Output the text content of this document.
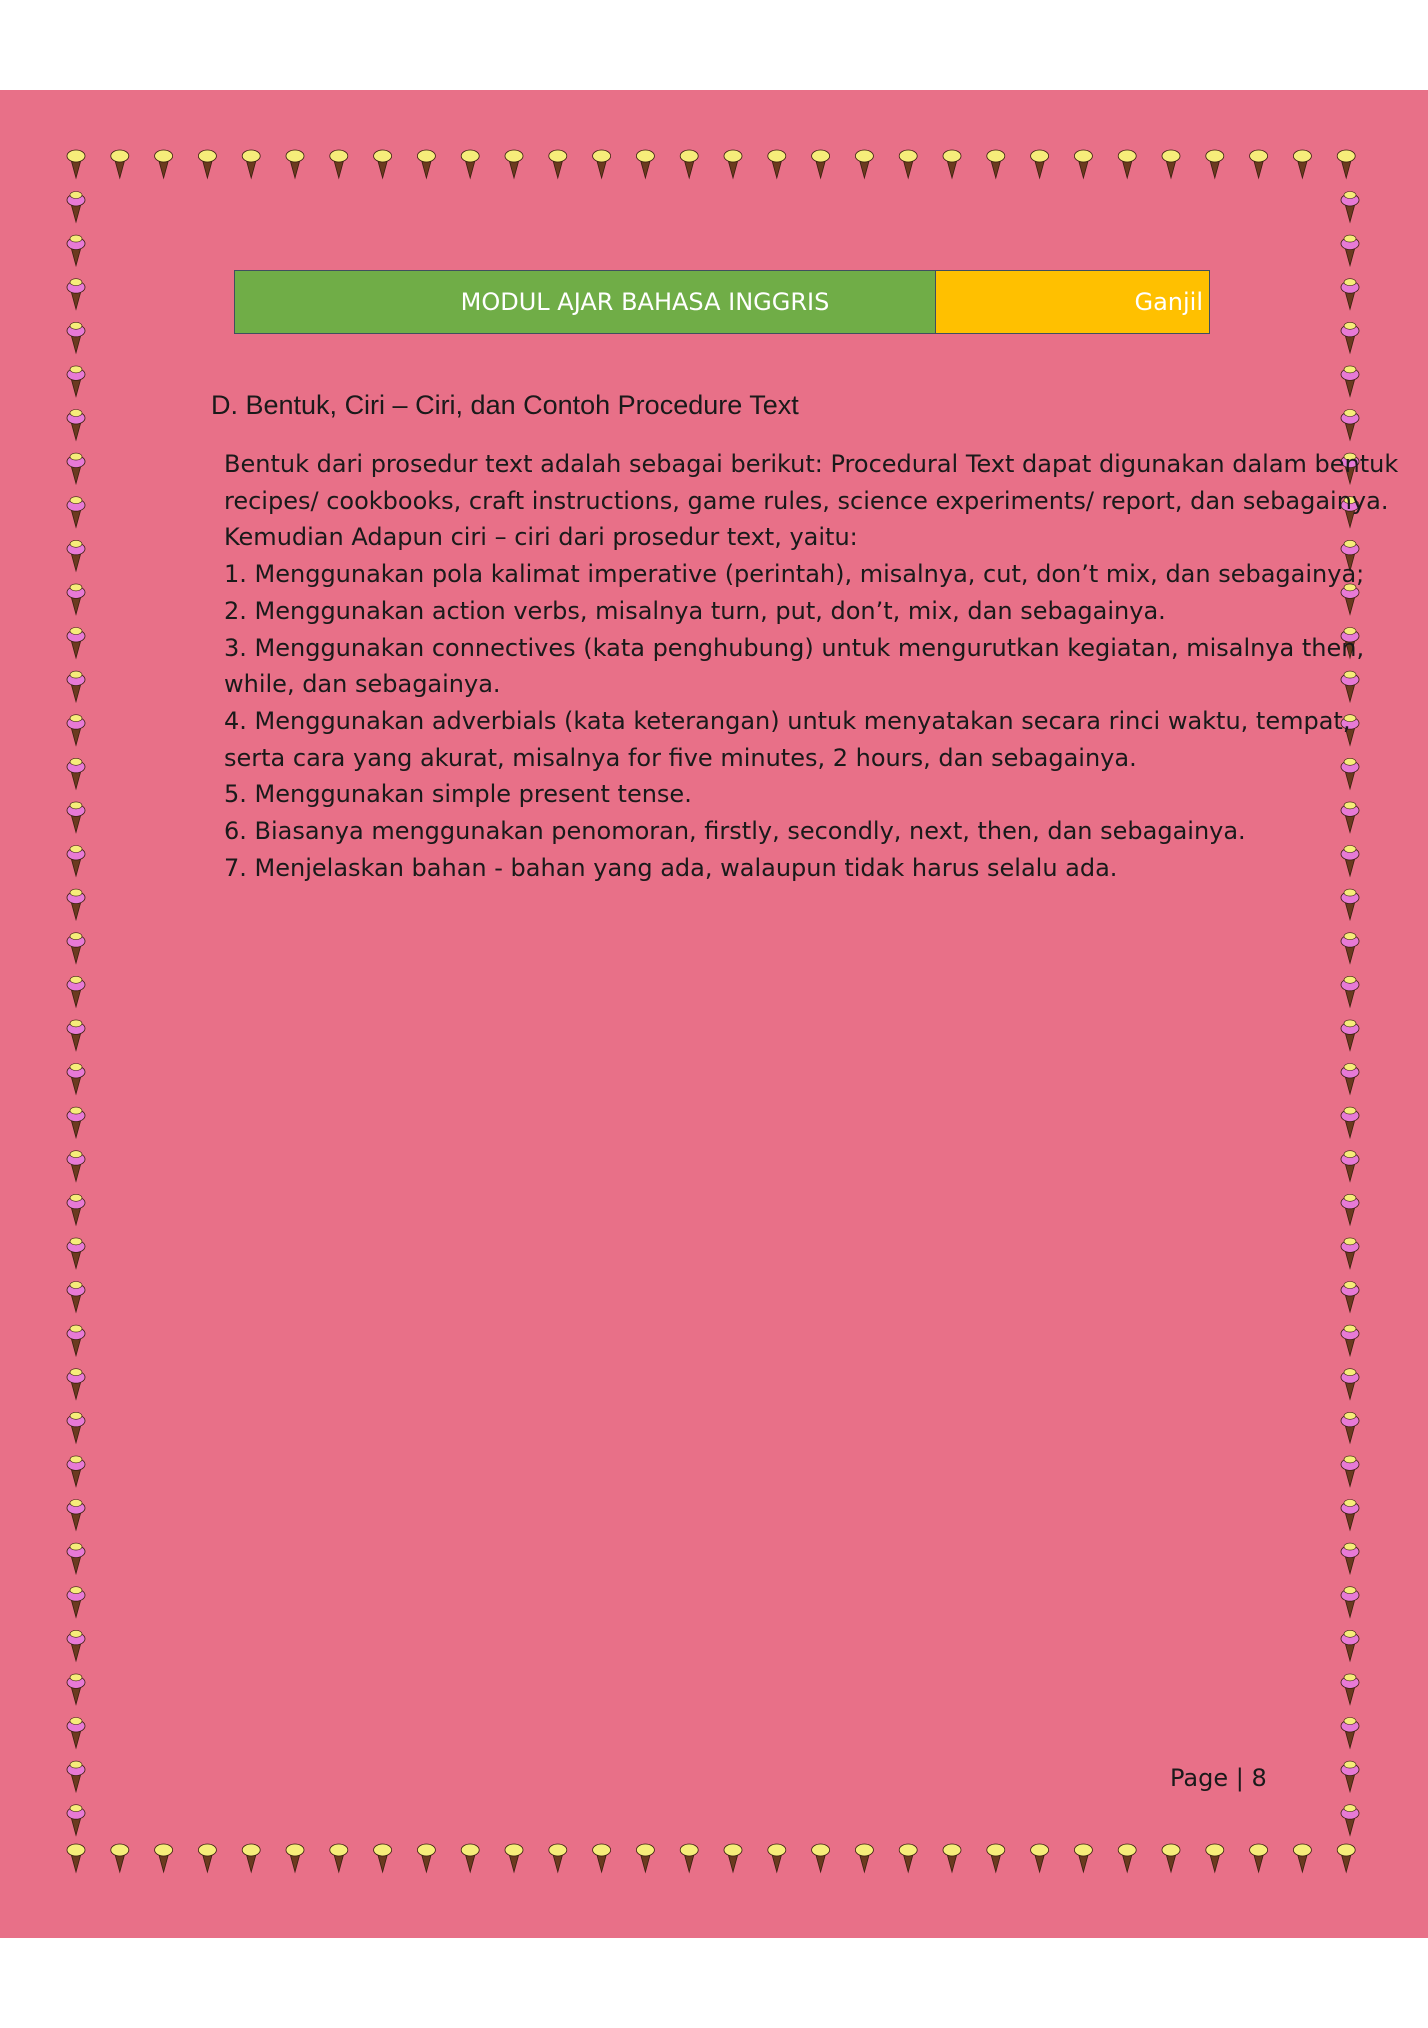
MODUL AJAR BAHASA INGGRIS	Ganjil
D. Bentuk, Ciri – Ciri, dan Contoh Procedure Text

Bentuk dari prosedur text adalah sebagai berikut: Procedural Text dapat digunakan dalam bentuk recipes/ cookbooks, craft instructions, game rules, science experiments/ report, dan sebagainya. Kemudian Adapun ciri – ciri dari prosedur text, yaitu:

1. Menggunakan pola kalimat imperative (perintah), misalnya, cut, don’t mix, dan sebagainya;

2. Menggunakan action verbs, misalnya turn, put, don’t, mix, dan sebagainya.

3. Menggunakan connectives (kata penghubung) untuk mengurutkan kegiatan, misalnya then, while, dan sebagainya.

4. Menggunakan adverbials (kata keterangan) untuk menyatakan secara rinci waktu, tempat, serta cara yang akurat, misalnya for five minutes, 2 hours, dan sebagainya.

5. Menggunakan simple present tense.

6. Biasanya menggunakan penomoran, firstly, secondly, next, then, dan sebagainya.

7. Menjelaskan bahan - bahan yang ada, walaupun tidak harus selalu ada.

Page | 8
